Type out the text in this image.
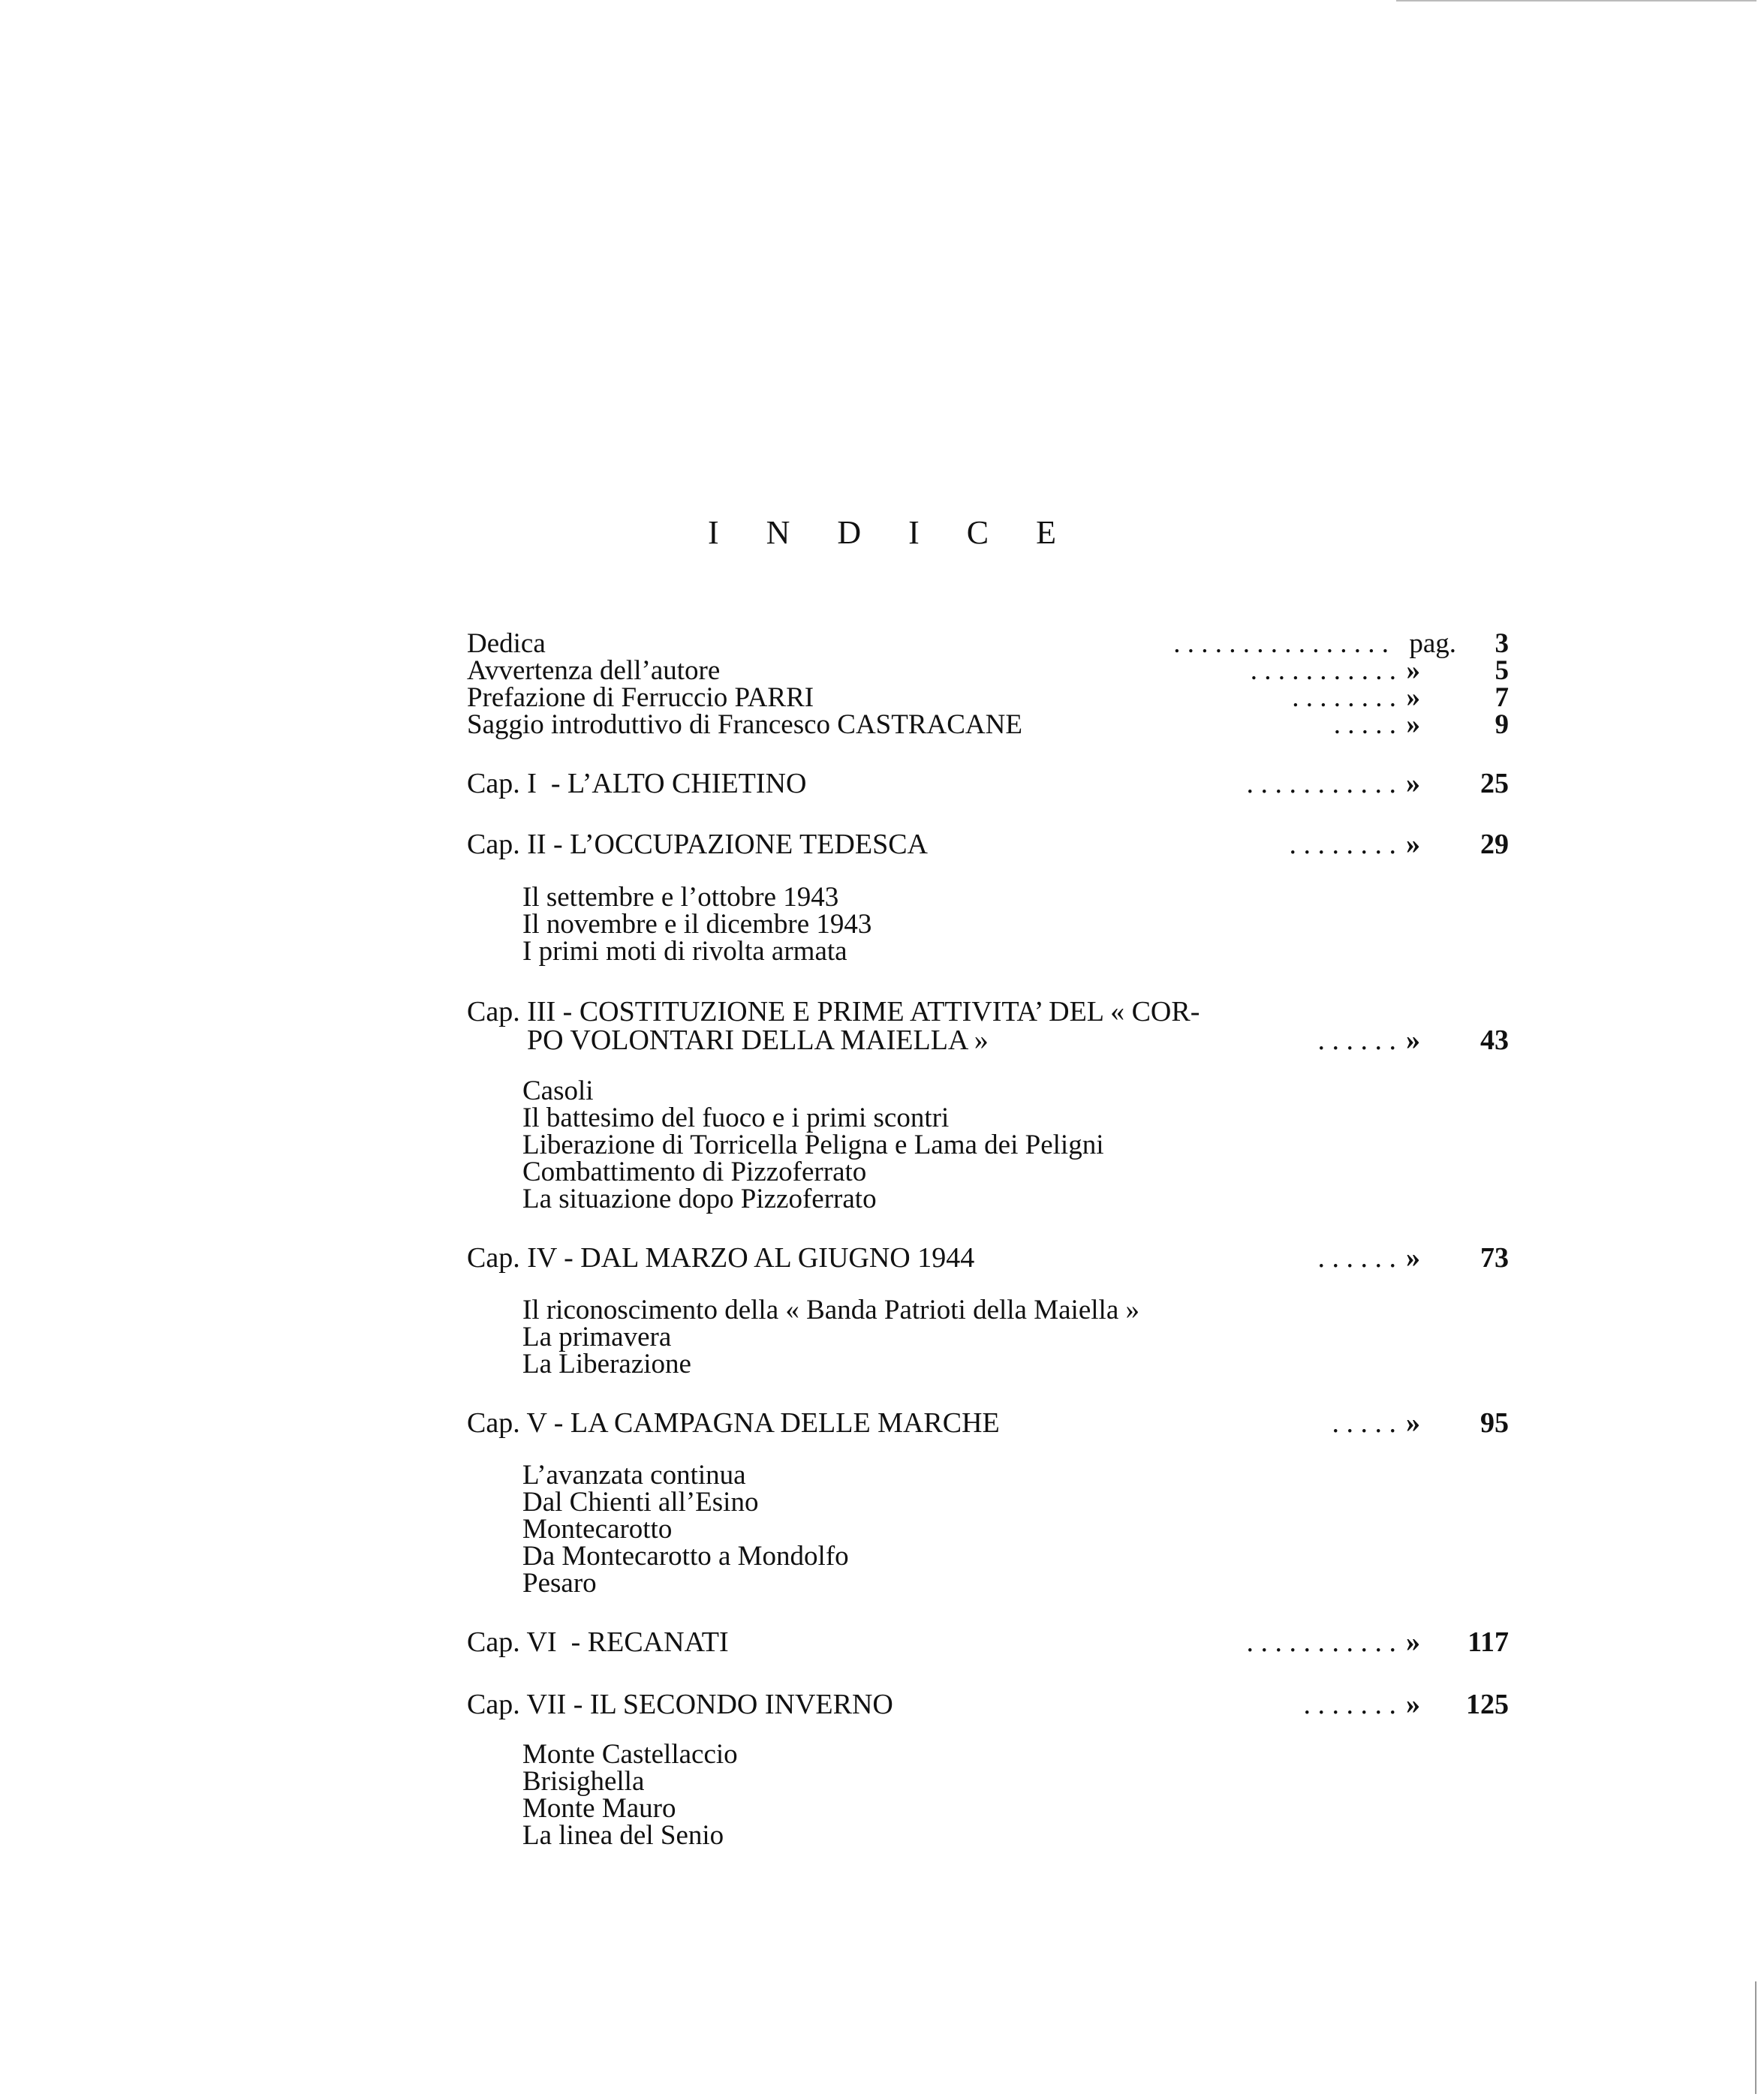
I N D I C E
Dedica	. . . . . . . . . . . . . . . . pag.	3
Avvertenza dell’autore	. . . . . . . . . . . »	5
Prefazione di Ferruccio PARRI	. . . . . . . . »	7
Saggio introduttivo di Francesco CASTRACANE	. . . . . »	9
Cap. I  - L’ALTO CHIETINO	. . . . . . . . . . . »	25
Cap. II - L’OCCUPAZIONE TEDESCA	. . . . . . . . »	29
Il settembre e l’ottobre 1943
Il novembre e il dicembre 1943
I primi moti di rivolta armata
Cap. III - COSTITUZIONE E PRIME ATTIVITA’ DEL « COR-
PO VOLONTARI DELLA MAIELLA »	. . . . . . »	43
Casoli
Il battesimo del fuoco e i primi scontri
Liberazione di Torricella Peligna e Lama dei Peligni
Combattimento di Pizzoferrato
La situazione dopo Pizzoferrato
Cap. IV - DAL MARZO AL GIUGNO 1944	. . . . . . »	73
Il riconoscimento della « Banda Patrioti della Maiella »
La primavera
La Liberazione
Cap. V - LA CAMPAGNA DELLE MARCHE	. . . . . »	95
L’avanzata continua
Dal Chienti all’Esino
Montecarotto
Da Montecarotto a Mondolfo
Pesaro
Cap. VI  - RECANATI	. . . . . . . . . . . »	117
Cap. VII - IL SECONDO INVERNO	. . . . . . . »	125
Monte Castellaccio
Brisighella
Monte Mauro
La linea del Senio
